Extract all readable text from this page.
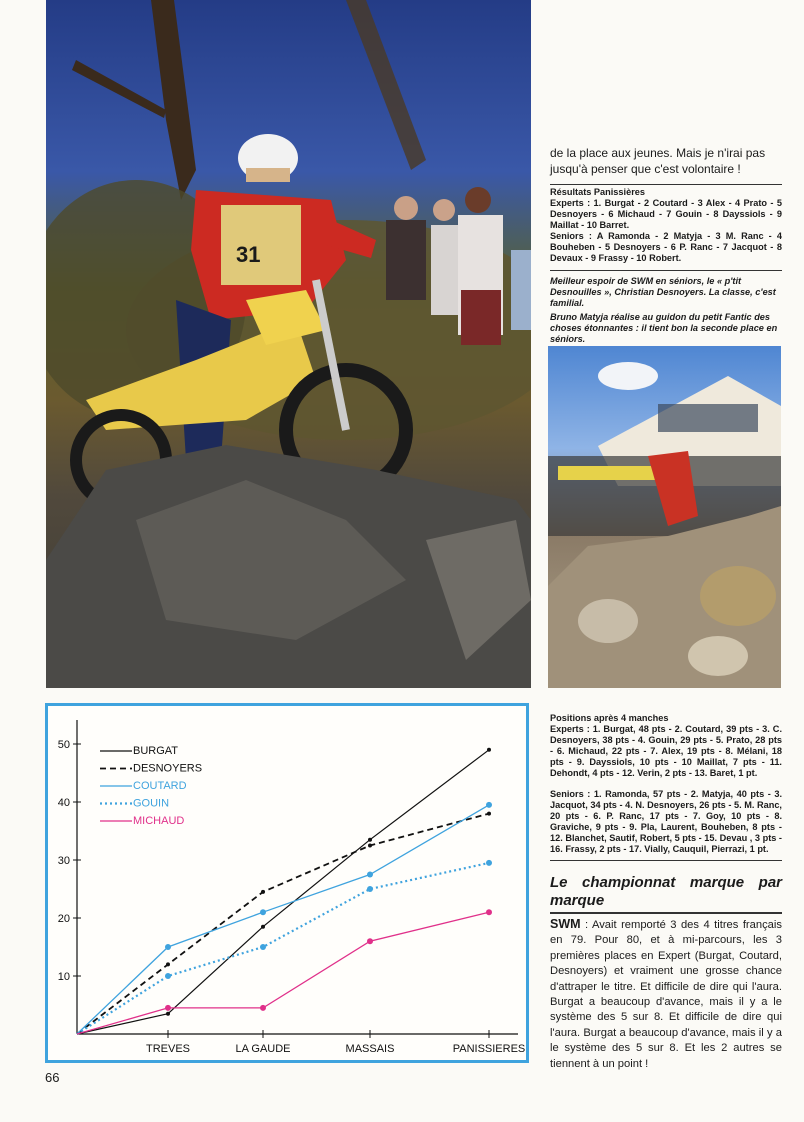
31
de la place aux jeunes. Mais je n'irai pas jusqu'à penser que c'est volontaire !
Résultats Panissières
Experts : 1. Burgat - 2 Coutard - 3 Alex - 4 Prato - 5 Desnoyers - 6 Michaud - 7 Gouin - 8 Dayssiols - 9 Maillat - 10 Barret.
Seniors : A Ramonda - 2 Matyja - 3 M. Ranc - 4 Bouheben - 5 Desnoyers - 6 P. Ranc - 7 Jacquot - 8 Devaux - 9 Frassy - 10 Robert.
Meilleur espoir de SWM en séniors, le « p'tit Desnouilles », Christian Desnoyers. La classe, c'est familial.
Bruno Matyja réalise au guidon du petit Fantic des choses étonnantes : il tient bon la seconde place en séniors.
Positions après 4 manches
Experts : 1. Burgat, 48 pts - 2. Coutard, 39 pts - 3. C. Desnoyers, 38 pts - 4. Gouin, 29 pts - 5. Prato, 28 pts - 6. Michaud, 22 pts - 7. Alex, 19 pts - 8. Mélani, 18 pts - 9. Dayssiols, 10 pts - 10 Maillat, 7 pts - 11. Dehondt, 4 pts - 12. Verin, 2 pts - 13. Baret, 1 pt.
Seniors : 1. Ramonda, 57 pts - 2. Matyja, 40 pts - 3. Jacquot, 34 pts - 4. N. Desnoyers, 26 pts - 5. M. Ranc, 20 pts - 6. P. Ranc, 17 pts - 7. Goy, 10 pts - 8. Graviche, 9 pts - 9. Pla, Laurent, Bouheben, 8 pts - 12. Blanchet, Sautif, Robert, 5 pts - 15. Devau , 3 pts - 16. Frassy, 2 pts - 17. Vially, Cauquil, Pierrazi, 1 pt.
Le championnat marque par marque
SWM : Avait remporté 3 des 4 titres français en 79. Pour 80, et à mi-parcours, les 3 premières places en Expert (Burgat, Coutard, Desnoyers) et vraiment une grosse chance d'attraper le titre. Et difficile de dire qui l'aura. Burgat a beaucoup d'avance, mais il y a le système des 5 sur 8. Et difficile de dire qui l'aura. Burgat a beaucoup d'avance, mais il y a le système des 5 sur 8. Et les 2 autres se tiennent à un point !
10
20
30
40
50
TREVES	LA GAUDE	MASSAIS	PANISSIERES
BURGAT
DESNOYERS
COUTARD
GOUIN
MICHAUD
66
